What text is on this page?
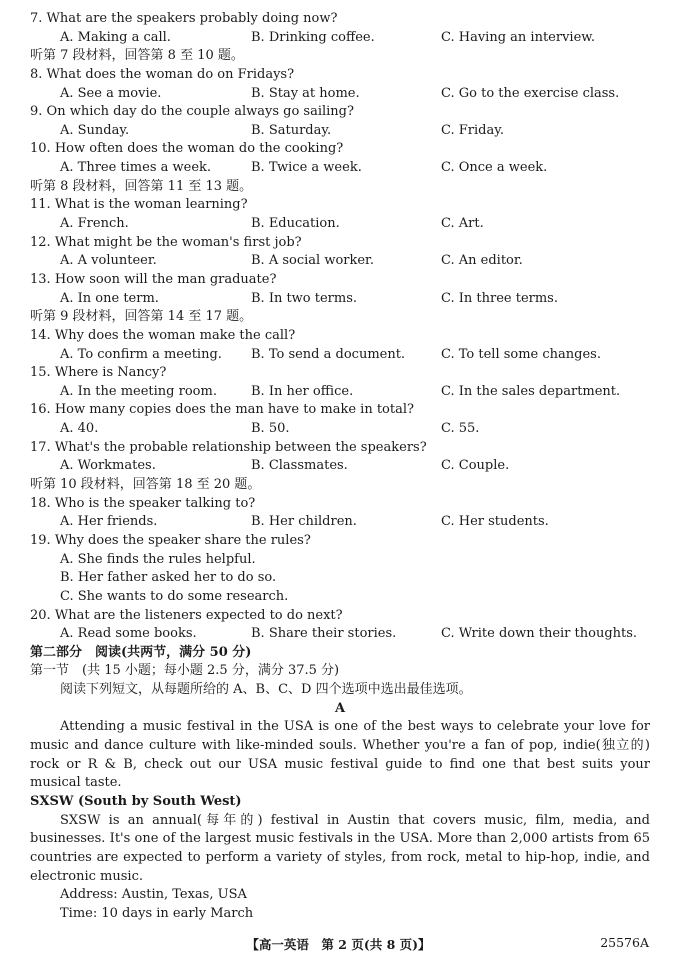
7. What are the speakers probably doing now?
A. Making a call.	B. Drinking coffee.	C. Having an interview.
听第 7 段材料，回答第 8 至 10 题。
8. What does the woman do on Fridays?
A. See a movie.	B. Stay at home.	C. Go to the exercise class.
9. On which day do the couple always go sailing?
A. Sunday.	B. Saturday.	C. Friday.
10. How often does the woman do the cooking?
A. Three times a week.	B. Twice a week.	C. Once a week.
听第 8 段材料，回答第 11 至 13 题。
11. What is the woman learning?
A. French.	B. Education.	C. Art.
12. What might be the woman's first job?
A. A volunteer.	B. A social worker.	C. An editor.
13. How soon will the man graduate?
A. In one term.	B. In two terms.	C. In three terms.
听第 9 段材料，回答第 14 至 17 题。
14. Why does the woman make the call?
A. To confirm a meeting. B. To send a document.	C. To tell some changes.
15. Where is Nancy?
A. In the meeting room.	B. In her office.	C. In the sales department.
16. How many copies does the man have to make in total?
A. 40.	B. 50.	C. 55.
17. What's the probable relationship between the speakers?
A. Workmates.	B. Classmates.	C. Couple.
听第 10 段材料，回答第 18 至 20 题。
18. Who is the speaker talking to?
A. Her friends.	B. Her children.	C. Her students.
19. Why does the speaker share the rules?
A. She finds the rules helpful.
B. Her father asked her to do so.
C. She wants to do some research.
20. What are the listeners expected to do next?
A. Read some books.	B. Share their stories.	C. Write down their thoughts.
第二部分　阅读(共两节，满分 50 分)
第一节　(共 15 小题；每小题 2.5 分，满分 37.5 分)
阅读下列短文，从每题所给的 A、B、C、D 四个选项中选出最佳选项。
A

Attending a music festival in the USA is one of the best ways to celebrate your love for music and dance culture with like-minded souls. Whether you're a fan of pop, indie(独立的) rock or R & B, check out our USA music festival guide to find one that best suits your musical taste.

SXSW (South by South West)

SXSW is an annual(每年的) festival in Austin that covers music, film, media, and businesses. It's one of the largest music festivals in the USA. More than 2,000 artists from 65 countries are expected to perform a variety of styles, from rock, metal to hip-hop, indie, and electronic music.

Address: Austin, Texas, USA
Time: 10 days in early March
【高一英语　第 2 页(共 8 页)】	25576A
